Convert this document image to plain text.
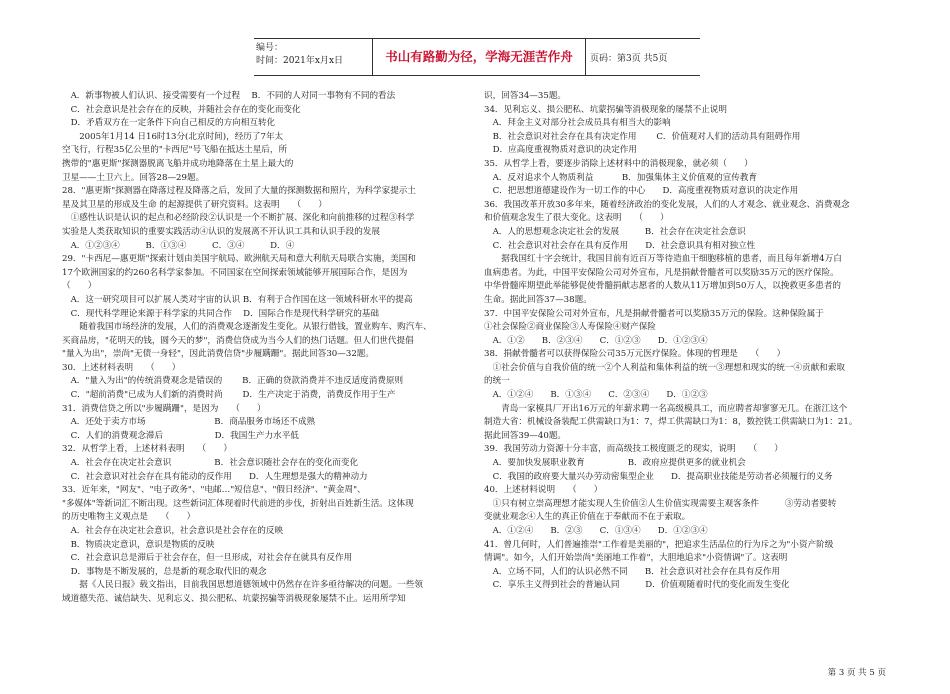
编号：
时间：2021年x月x日	书山有路勤为径，学海无涯苦作舟	页码：第3页 共5页

　A．新事物被人们认识、接受需要有一个过程　 B．不同的人对同一事物有不同的看法

　C．社会意识是社会存在的反映，并随社会存在的变化而变化

　D．矛盾双方在一定条件下向自己相反的方向相互转化

　　2005年1月14 日16时13分(北京时间)，经历了7年太

空飞行，行程35亿公里的"卡西尼"号飞船在抵达土星后，所

携带的"惠更斯"探测器脱离飞船并成功地降落在土星上最大的

卫星——土卫六上。回答28—29题。

28．"惠更斯"探测器在降落过程及降落之后，发回了大量的探测数据和照片，为科学家提示土

星及其卫星的形成及生命 的起源提供了研究资料。这表明　　（　　）

　①感性认识是认识的起点和必经阶段②认识是一个不断扩展、深化和向前推移的过程③科学

实验是人类获取知识的重要实践活动④认识的发展离不开认识工具和认识手段的发展

　A．①②③④　　　B．①③④　　　C．③④　　　D．④

29．"卡西尼—惠更斯"探索计划由美国宇航局、欧洲航天局和意大利航天局联合实施，美国和

17个欧洲国家的约260名科学家参加。不同国家在空间探索领域能够开展国际合作，是因为

（　　）

　A．这一研究项目可以扩展人类对宇宙的认识 B．有利于合作国在这一领域科研水平的提高

　C．现代科学理论来源于科学家的共同合作　 D．国际合作是现代科学研究的基础

　　随着我国市场经济的发展，人们的消费观念逐渐发生变化。从银行借钱，置业购车、购汽车、

买商品房，"花明天的钱，圆今天的梦"，消费信贷成为当今人们的热门话题。但人们世代提倡

"量入为出"，崇尚"无债一身轻"，因此消费信贷"步履蹒跚"。据此回答30—32题。

30．上述材料表明　　（　　）

　A．"量入为出"的传统消费观念是错误的　　 B．正确的贷款消费并不违反适度消费原则

　C．"超前消费"已成为人们新的消费时尚　　 D．生产决定于消费，消费反作用于生产

31．消费信贷之所以"步履蹒跚"，是因为　　（　　）

　A．还处于卖方市场　　　　　　　　B．商品服务市场还不成熟

　C．人们的消费观念滞后　　　　　　D．我国生产力水平低

32．从哲学上看，上述材料表明　　（　　）

　A．社会存在决定社会意识　　　　　B．社会意识随社会存在的变化而变化

　C．社会意识对社会存在具有能动的反作用　　D．人生理想是强大的精神动力

33．近年来，"网友"、"电子政务"、"电邮…"短信息"、"假日经济"、"黄金周"、

"多媒体"等新词汇不断出现。这些新词汇体现着时代前进的步伐，折射出百姓新生活。这体现

的历史唯物主义观点是　　（　　）

　A．社会存在决定社会意识，社会意识是社会存在的反映

　B．物质决定意识，意识是物质的反映

　C．社会意识总是滞后于社会存在，但一旦形成，对社会存在就具有反作用

　D．事物是不断发展的，总是新的观念取代旧的观念

　　据《人民日报》载文指出，目前我国思想道德领域中仍然存在许多亟待解决的问题。一些领

域道德失范、诚信缺失、见利忘义、损公肥私、坑蒙拐骗等消极现象屡禁不止。运用所学知

识，回答34—35题。

34．见利忘义、损公肥私、坑蒙拐骗等消极现象的屡禁不止说明

　A．拜金主义对部分社会成员具有相当大的影响

　B．社会意识对社会存在具有决定作用　　 C．价值观对人们的活动具有阻碍作用

　D．应高度重视物质对意识的决定作用

35．从哲学上看，要逐步消除上述材料中的消极现象，就必须（　　）

　A．反对追求个人物质利益　　　 B．加强集体主义价值观的宣传教育

　C．把思想道德建设作为一切工作的中心　　D．高度重视物质对意识的决定作用

36．我国改革开放30多年来，随着经济政治的变化发展，人们的人才观念、就业观念、消费观念

和价值观念发生了很大变化。这表明　　（　　）

　A．人的思想观念决定社会的发展　　　B．社会存在决定社会意识

　C．社会意识对社会存在具有反作用　　D．社会意识具有相对独立性

　　据我国红十字会统计，我国目前有近百万等待造血干细胞移植的患者，而且每年新增4万白

血病患者。为此，中国平安保险公司对外宣布，凡是捐献骨髓者可以奖励35万元的医疗保险。

中华骨髓库期望此举能够促使骨髓捐献志愿者的人数从11万增加到50万人，以挽救更多患者的

生命。据此回答37—38题。

37．中国平安保险公司对外宣布，凡是捐献骨髓者可以奖励35万元的保险。这种保险属于

①社会保险②商业保险③人寿保险④财产保险

　A．①②　　B．②③④　　C．①②③　　D．①②③④

38．捐献骨髓者可以获得保险公司35万元医疗保险。体现的哲理是　　（　　）

　①社会价值与自我价值的统一②个人利益和集体利益的统一③理想和现实的统一④贡献和索取

的统一

　A．①②④　　B．①③④　　C．②③④　　D．①②③

　　青岛一家模具厂开出16万元的年薪求聘一名高级模具工，而应聘者却寥寥无几。在浙江这个

制造大省：机械设备装配工供需缺口为1：7，焊工供需缺口为1：8，数控铣工供需缺口为1：21。

据此回答39—40题。

39．我国劳动力资源十分丰富，而高级技工极度匮乏的现实，说明　　（　　）

　A．要加快发展职业教育　　　　　B．政府应提供更多的就业机会

　C．我国的政府要大量兴办劳动密集型企业　　D．提高职业技能是劳动者必须履行的义务

40．上述材料说明　　（　　）

　①只有树立崇高理想才能实现人生价值②人生价值实现需要主观客条件　　　③劳动者要转

变就业观念④人生的真正价值在于奉献而不在于索取。

　A．①②④　　B．②③　　C．①③④　　D．①②③④

41．曾几何时，人们普遍推崇"工作着是美丽的"，把追求生活品位的行为斥之为"小资产阶级

情调"。如今，人们开始崇尚"美丽地工作着"，大胆地追求"小资情调"了。这表明

　A．立场不同，人们的认识必然不同　　B．社会意识对社会存在具有反作用

　C．享乐主义得到社会的普遍认同　　　D．价值观随着时代的变化而发生变化

第 3 页 共 5 页
